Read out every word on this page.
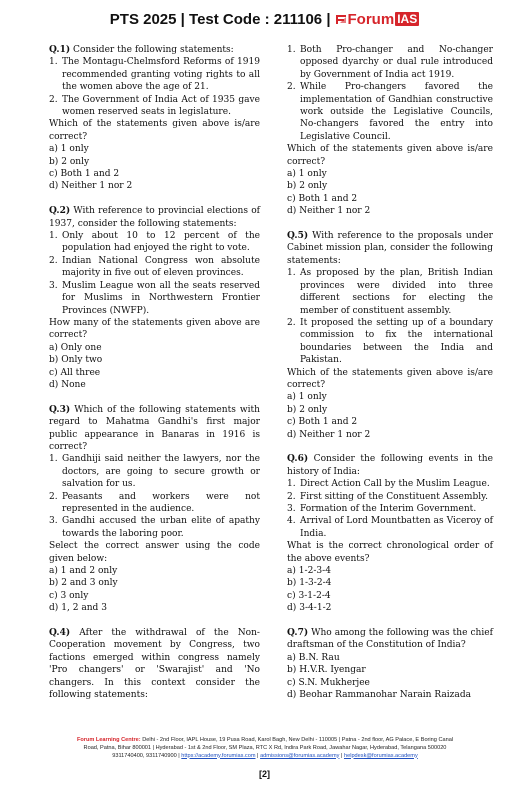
PTS 2025 | Test Code : 211106 | Forum IAS
Q.1) Consider the following statements:
1. The Montagu-Chelmsford Reforms of 1919 recommended granting voting rights to all the women above the age of 21.
2. The Government of India Act of 1935 gave women reserved seats in legislature.
Which of the statements given above is/are correct?
a) 1 only
b) 2 only
c) Both 1 and 2
d) Neither 1 nor 2
Q.2) With reference to provincial elections of 1937, consider the following statements:
1. Only about 10 to 12 percent of the population had enjoyed the right to vote.
2. Indian National Congress won absolute majority in five out of eleven provinces.
3. Muslim League won all the seats reserved for Muslims in Northwestern Frontier Provinces (NWFP).
How many of the statements given above are correct?
a) Only one
b) Only two
c) All three
d) None
Q.3) Which of the following statements with regard to Mahatma Gandhi's first major public appearance in Banaras in 1916 is correct?
1. Gandhiji said neither the lawyers, nor the doctors, are going to secure growth or salvation for us.
2. Peasants and workers were not represented in the audience.
3. Gandhi accused the urban elite of apathy towards the laboring poor.
Select the correct answer using the code given below:
a) 1 and 2 only
b) 2 and 3 only
c) 3 only
d) 1, 2 and 3
Q.4) After the withdrawal of the Non-Cooperation movement by Congress, two factions emerged within congress namely 'Pro changers' or 'Swarajist' and 'No changers. In this context consider the following statements:
1. Both Pro-changer and No-changer opposed dyarchy or dual rule introduced by Government of India act 1919.
2. While Pro-changers favored the implementation of Gandhian constructive work outside the Legislative Councils, No-changers favored the entry into Legislative Council.
Which of the statements given above is/are correct?
a) 1 only
b) 2 only
c) Both 1 and 2
d) Neither 1 nor 2
Q.5) With reference to the proposals under Cabinet mission plan, consider the following statements:
1. As proposed by the plan, British Indian provinces were divided into three different sections for electing the member of constituent assembly.
2. It proposed the setting up of a boundary commission to fix the international boundaries between the India and Pakistan.
Which of the statements given above is/are correct?
a) 1 only
b) 2 only
c) Both 1 and 2
d) Neither 1 nor 2
Q.6) Consider the following events in the history of India:
1. Direct Action Call by the Muslim League.
2. First sitting of the Constituent Assembly.
3. Formation of the Interim Government.
4. Arrival of Lord Mountbatten as Viceroy of India.
What is the correct chronological order of the above events?
a) 1-2-3-4
b) 1-3-2-4
c) 3-1-2-4
d) 3-4-1-2
Q.7) Who among the following was the chief draftsman of the Constitution of India?
a) B.N. Rau
b) H.V.R. Iyengar
c) S.N. Mukherjee
d) Beohar Rammanohar Narain Raizada
Forum Learning Centre: Delhi - 2nd Floor, IAPL House, 19 Pusa Road, Karol Bagh, New Delhi - 110005 | Patna - 2nd floor, AG Palace, E Boring Canal
Road, Patna, Bihar 800001 | Hyderabad - 1st & 2nd Floor, SM Plaza, RTC X Rd, Indira Park Road, Jawahar Nagar, Hyderabad, Telangana 500020
9311740400, 9311740900 | https://academy.forumias.com | admissions@forumias.academy | helpdesk@forumias.academy
[2]
